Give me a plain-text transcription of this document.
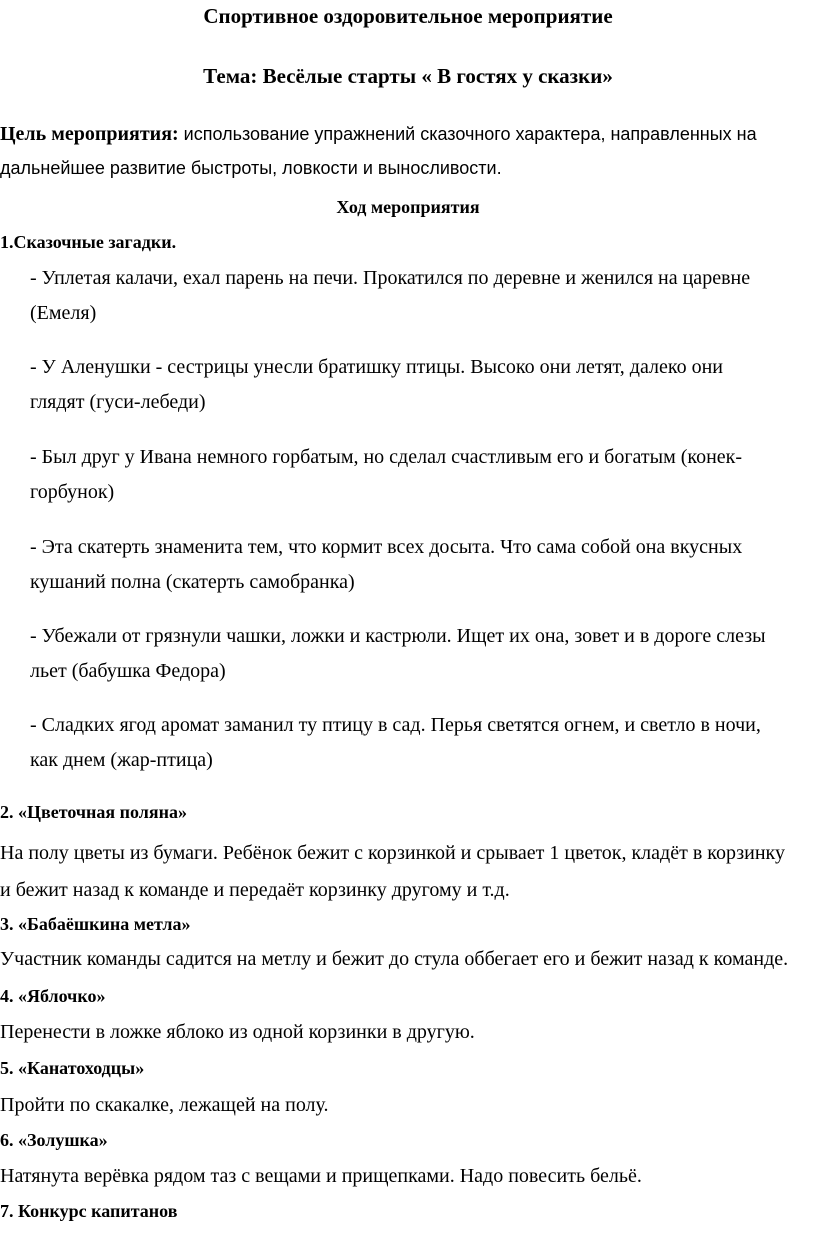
Спортивное оздоровительное мероприятие
Тема: Весёлые старты « В гостях у сказки»
Цель мероприятия: использование упражнений сказочного характера, направленных на
дальнейшее развитие быстроты, ловкости и выносливости.
Ход мероприятия
1.Сказочные загадки.
- Уплетая калачи, ехал парень на печи. Прокатился по деревне и женился на царевне
(Емеля)
- У Аленушки - сестрицы унесли братишку птицы. Высоко они летят, далеко они
глядят (гуси-лебеди)
- Был друг у Ивана немного горбатым, но сделал счастливым его и богатым (конек-
горбунок)
- Эта скатерть знаменита тем, что кормит всех досыта. Что сама собой она вкусных
кушаний полна (скатерть самобранка)
- Убежали от грязнули чашки, ложки и кастрюли. Ищет их она, зовет и в дороге слезы
льет (бабушка Федора)
- Сладких ягод аромат заманил ту птицу в сад. Перья светятся огнем, и светло в ночи,
как днем (жар-птица)
2. «Цветочная поляна»
На полу цветы из бумаги. Ребёнок бежит с корзинкой и срывает 1 цветок, кладёт в корзинку
и бежит назад к команде и передаёт корзинку другому и т.д.
3. «Бабаёшкина метла»
Участник команды садится на метлу и бежит до стула оббегает его и бежит назад к команде.
4. «Яблочко»
Перенести в ложке яблоко из одной корзинки в другую.
5. «Канатоходцы»
Пройти по скакалке, лежащей на полу.
6. «Золушка»
Натянута верёвка рядом таз с вещами и прищепками. Надо повесить бельё.
7. Конкурс капитанов
